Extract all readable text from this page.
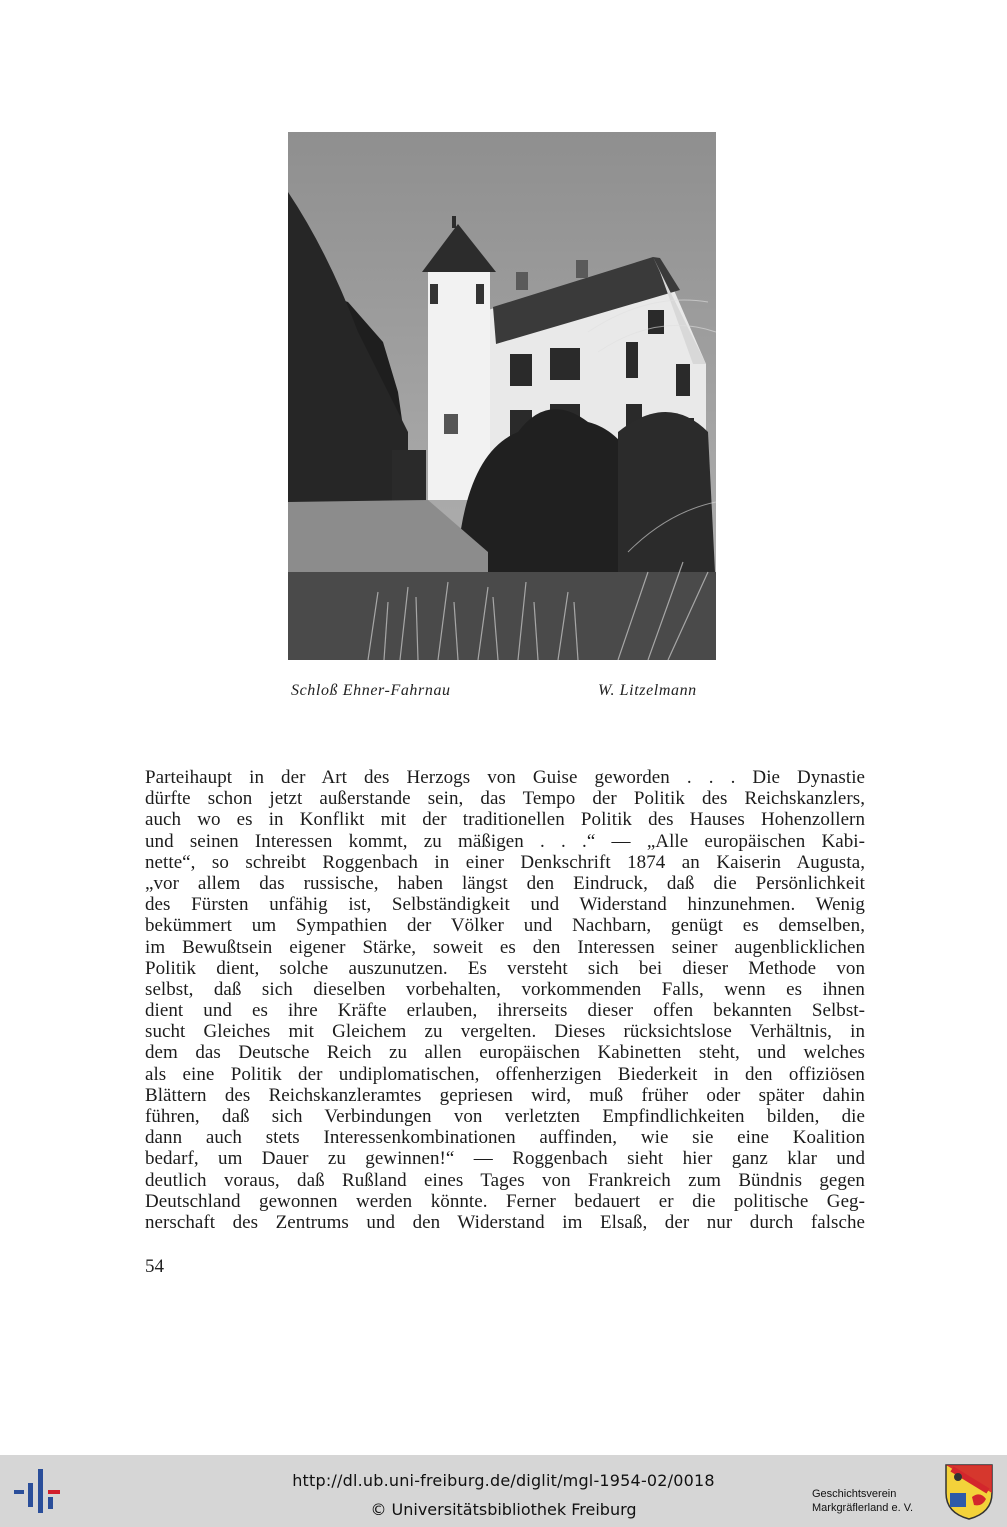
Schloß Ehner-Fahrnau	W. Litzelmann
Parteihaupt in der Art des Herzogs von Guise geworden . . . Die Dynastie
dürfte schon jetzt außerstande sein, das Tempo der Politik des Reichskanzlers,
auch wo es in Konflikt mit der traditionellen Politik des Hauses Hohenzollern
und seinen Interessen kommt, zu mäßigen . . .“ — „Alle europäischen Kabi-
nette“, so schreibt Roggenbach in einer Denkschrift 1874 an Kaiserin Augusta,
„vor allem das russische, haben längst den Eindruck, daß die Persönlichkeit
des Fürsten unfähig ist, Selbständigkeit und Widerstand hinzunehmen. Wenig
bekümmert um Sympathien der Völker und Nachbarn, genügt es demselben,
im Bewußtsein eigener Stärke, soweit es den Interessen seiner augenblicklichen
Politik dient, solche auszunutzen. Es versteht sich bei dieser Methode von
selbst, daß sich dieselben vorbehalten, vorkommenden Falls, wenn es ihnen
dient und es ihre Kräfte erlauben, ihrerseits dieser offen bekannten Selbst-
sucht Gleiches mit Gleichem zu vergelten. Dieses rücksichtslose Verhältnis, in
dem das Deutsche Reich zu allen europäischen Kabinetten steht, und welches
als eine Politik der undiplomatischen, offenherzigen Biederkeit in den offiziösen
Blättern des Reichskanzleramtes gepriesen wird, muß früher oder später dahin
führen, daß sich Verbindungen von verletzten Empfindlichkeiten bilden, die
dann auch stets Interessenkombinationen auffinden, wie sie eine Koalition
bedarf, um Dauer zu gewinnen!“ — Roggenbach sieht hier ganz klar und
deutlich voraus, daß Rußland eines Tages von Frankreich zum Bündnis gegen
Deutschland gewonnen werden könnte. Ferner bedauert er die politische Geg-
nerschaft des Zentrums und den Widerstand im Elsaß, der nur durch falsche
54
http://dl.ub.uni-freiburg.de/diglit/mgl-1954-02/0018
© Universitätsbibliothek Freiburg
Geschichtsverein
Markgräflerland e. V.
